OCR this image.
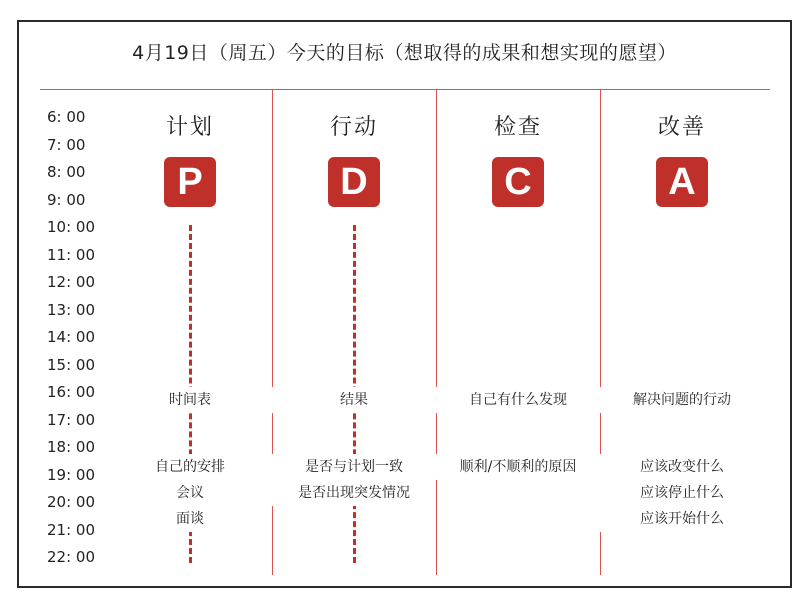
4月19日（周五）今天的目标（想取得的成果和想实现的愿望）
6: 00
7: 00
8: 00
9: 00
10: 00
11: 00
12: 00
13: 00
14: 00
15: 00
16: 00
17: 00
18: 00
19: 00
20: 00
21: 00
22: 00
计划
P
时间表
自己的安排
会议
面谈
行动
D
结果
是否与计划一致
是否出现突发情况
检查
C
自己有什么发现
顺利/不顺利的原因
改善
A
解决问题的行动
应该改变什么
应该停止什么
应该开始什么
